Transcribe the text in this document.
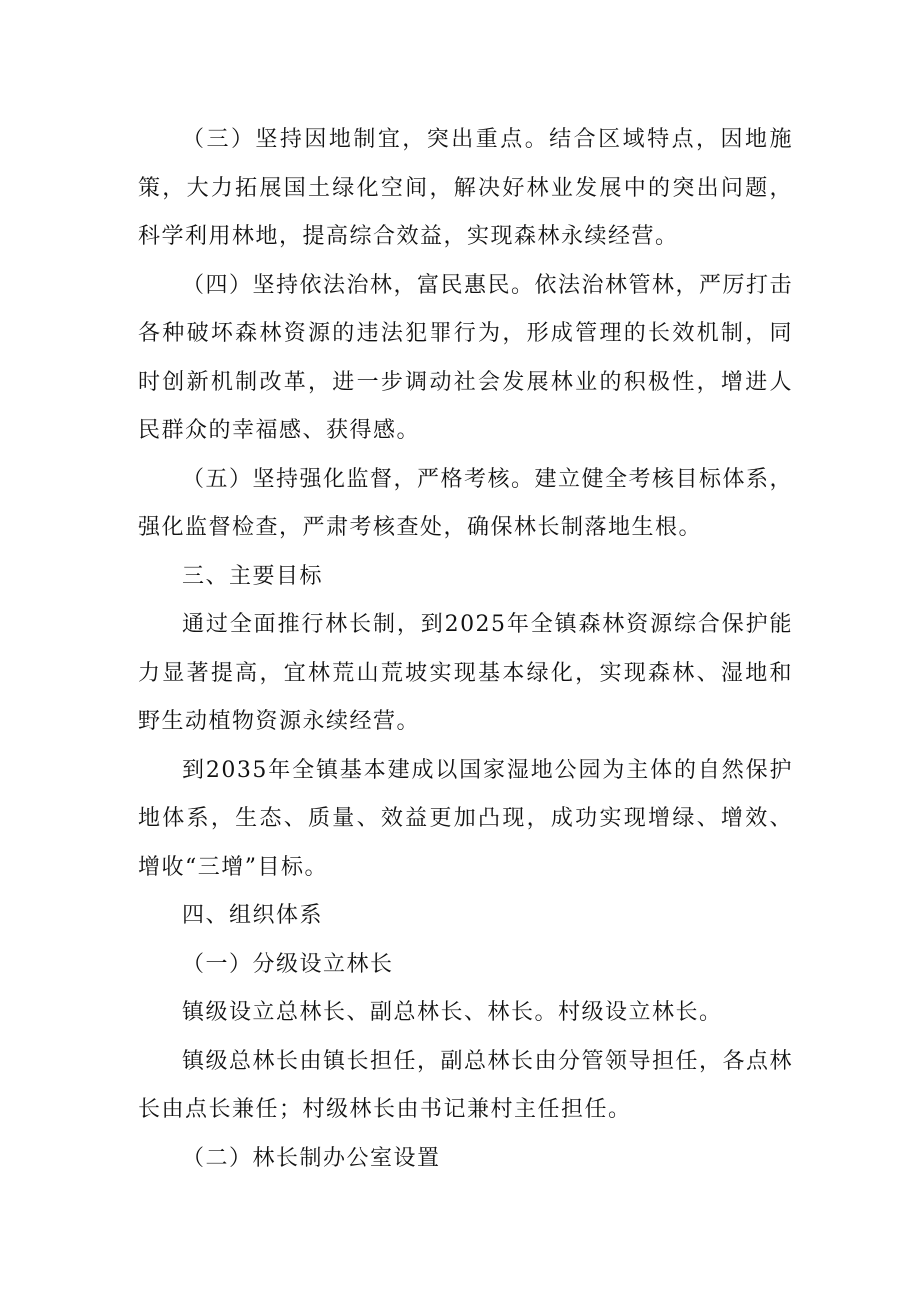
（三）坚持因地制宜，突出重点。结合区域特点，因地施策，大力拓展国土绿化空间，解决好林业发展中的突出问题，科学利用林地，提高综合效益，实现森林永续经营。

（四）坚持依法治林，富民惠民。依法治林管林，严厉打击各种破坏森林资源的违法犯罪行为，形成管理的长效机制，同时创新机制改革，进一步调动社会发展林业的积极性，增进人民群众的幸福感、获得感。

（五）坚持强化监督，严格考核。建立健全考核目标体系，强化监督检查，严肃考核查处，确保林长制落地生根。

三、主要目标

通过全面推行林长制，到2025年全镇森林资源综合保护能力显著提高，宜林荒山荒坡实现基本绿化，实现森林、湿地和野生动植物资源永续经营。

到2035年全镇基本建成以国家湿地公园为主体的自然保护地体系，生态、质量、效益更加凸现，成功实现增绿、增效、增收“三增”目标。

四、组织体系

（一）分级设立林长

镇级设立总林长、副总林长、林长。村级设立林长。

镇级总林长由镇长担任，副总林长由分管领导担任，各点林长由点长兼任；村级林长由书记兼村主任担任。

（二）林长制办公室设置
